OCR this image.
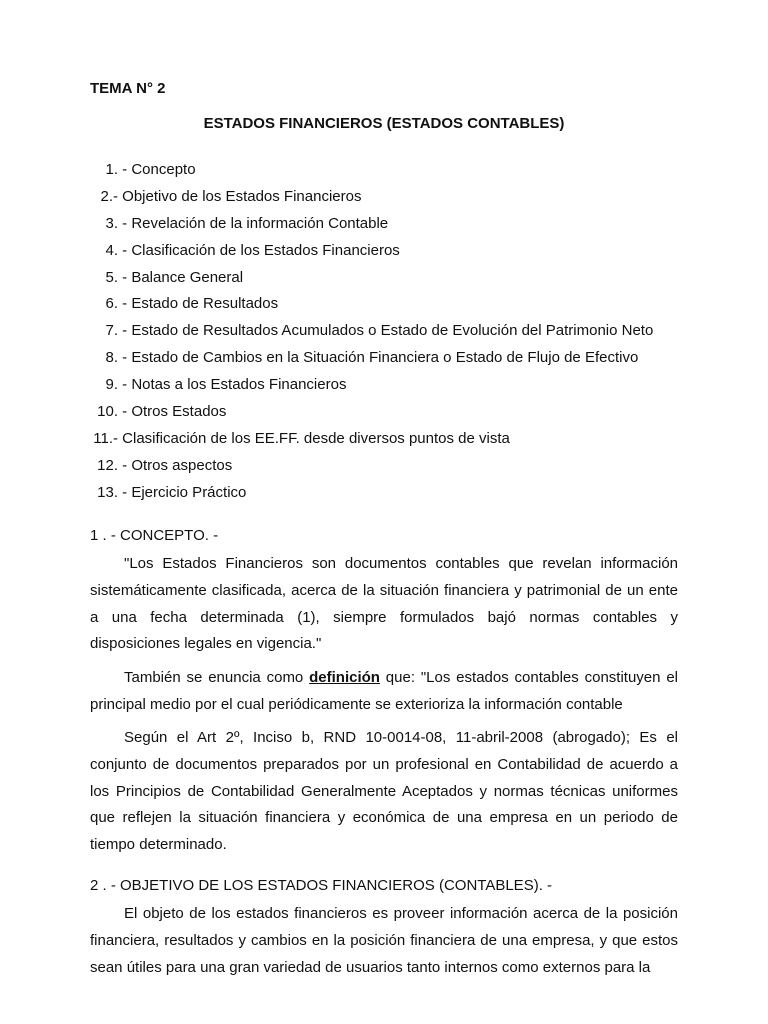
TEMA N° 2
ESTADOS FINANCIEROS (ESTADOS CONTABLES)
1. - Concepto
2.- Objetivo de los Estados Financieros
3. - Revelación de la información Contable
4. - Clasificación de los Estados Financieros
5. - Balance General
6. - Estado de Resultados
7. - Estado de Resultados Acumulados o Estado de Evolución del Patrimonio Neto
8. - Estado de Cambios en la Situación Financiera o Estado de Flujo de Efectivo
9. - Notas a los Estados Financieros
10. - Otros Estados
11.- Clasificación de los EE.FF. desde diversos puntos de vista
12. - Otros aspectos
13. - Ejercicio Práctico
1 . - CONCEPTO. -

"Los Estados Financieros son documentos contables que revelan información sistemáticamente clasificada, acerca de la situación financiera y patrimonial de un ente a una fecha determinada (1), siempre formulados bajó normas contables y disposiciones legales en vigencia."

También se enuncia como definición que: "Los estados contables constituyen el principal medio por el cual periódicamente se exterioriza la información contable

Según el Art 2º, Inciso b, RND 10-0014-08, 11-abril-2008 (abrogado); Es el conjunto de documentos preparados por un profesional en Contabilidad de acuerdo a los Principios de Contabilidad Generalmente Aceptados y normas técnicas uniformes que reflejen la situación financiera y económica de una empresa en un periodo de tiempo determinado.

2 . - OBJETIVO DE LOS ESTADOS FINANCIEROS (CONTABLES). -

El objeto de los estados financieros es proveer información acerca de la posición financiera, resultados y cambios en la posición financiera de una empresa, y que estos sean útiles para una gran variedad de usuarios tanto internos como externos para la
